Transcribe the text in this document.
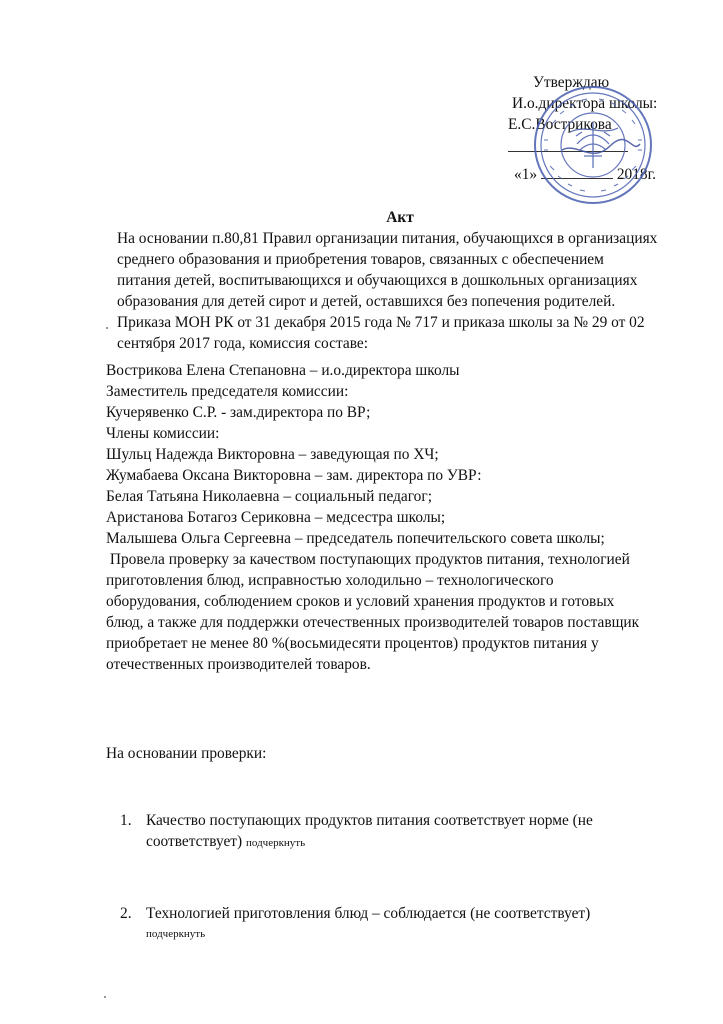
Утверждаю
И.о.директора школы:
Е.С.Вострикова
«1»	2018г.
Акт

На основании п.80,81 Правил организации питания, обучающихся в организациях

среднего образования и приобретения товаров, связанных с обеспечением

питания детей, воспитывающихся и обучающихся в дошкольных организациях

образования для детей сирот и детей, оставшихся без попечения родителей.

Приказа МОН РК от 31 декабря 2015 года № 717 и приказа школы за № 29 от 02

сентября 2017 года, комиссия составе:

Вострикова Елена Степановна – и.о.директора школы

Заместитель председателя комиссии:

Кучерявенко С.Р. - зам.директора по ВР;

Члены комиссии:

Шульц Надежда Викторовна – заведующая по ХЧ;

Жумабаева Оксана Викторовна – зам. директора по УВР:

Белая Татьяна Николаевна – социальный педагог;

Аристанова Ботагоз Сериковна – медсестра школы;

Малышева Ольга Сергеевна – председатель попечительского совета школы;

Провела проверку за качеством поступающих продуктов питания, технологией

приготовления блюд, исправностью холодильно – технологического

оборудования, соблюдением сроков и условий хранения продуктов и готовых

блюд, а также для поддержки отечественных производителей товаров поставщик

приобретает не менее 80 %(восьмидесяти процентов) продуктов питания у

отечественных производителей товаров.

На основании проверки:
1. Качество поступающих продуктов питания соответствует норме (не
соответствует) подчеркнуть
2. Технологией приготовления блюд – соблюдается (не соответствует)
подчеркнуть
